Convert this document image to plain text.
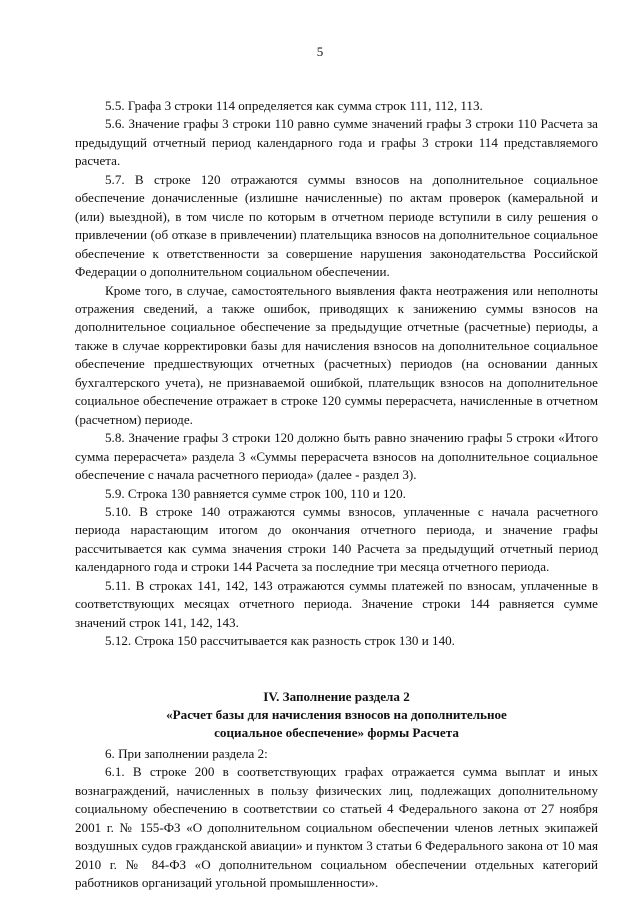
5

5.5. Графа 3 строки 114 определяется как сумма строк 111, 112, 113.

5.6. Значение графы 3 строки 110 равно сумме значений графы 3 строки 110 Расчета за предыдущий отчетный период календарного года и графы 3 строки 114 представляемого расчета.

5.7. В строке 120 отражаются суммы взносов на дополнительное социальное обеспечение доначисленные (излишне начисленные) по актам проверок (камеральной и (или) выездной), в том числе по которым в отчетном периоде вступили в силу решения о привлечении (об отказе в привлечении) плательщика взносов на дополнительное социальное обеспечение к ответственности за совершение нарушения законодательства Российской Федерации о дополнительном социальном обеспечении.

Кроме того, в случае, самостоятельного выявления факта неотражения или неполноты отражения сведений, а также ошибок, приводящих к занижению суммы взносов на дополнительное социальное обеспечение за предыдущие отчетные (расчетные) периоды, а также в случае корректировки базы для начисления взносов на дополнительное социальное обеспечение предшествующих отчетных (расчетных) периодов (на основании данных бухгалтерского учета), не признаваемой ошибкой, плательщик взносов на дополнительное социальное обеспечение отражает в строке 120 суммы перерасчета, начисленные в отчетном (расчетном) периоде.

5.8. Значение графы 3 строки 120 должно быть равно значению графы 5 строки «Итого сумма перерасчета» раздела 3 «Суммы перерасчета взносов на дополнительное социальное обеспечение с начала расчетного периода» (далее - раздел 3).

5.9. Строка 130 равняется сумме строк 100, 110 и 120.

5.10. В строке 140 отражаются суммы взносов, уплаченные с начала расчетного периода нарастающим итогом до окончания отчетного периода, и значение графы рассчитывается как сумма значения строки 140 Расчета за предыдущий отчетный период календарного года и строки 144 Расчета за последние три месяца отчетного периода.

5.11. В строках 141, 142, 143 отражаются суммы платежей по взносам, уплаченные в соответствующих месяцах отчетного периода. Значение строки 144 равняется сумме значений строк 141, 142, 143.

5.12. Строка 150 рассчитывается как разность строк 130 и 140.

IV. Заполнение раздела 2
«Расчет базы для начисления взносов на дополнительное
социальное обеспечение» формы Расчета

6. При заполнении раздела 2:

6.1. В строке 200 в соответствующих графах отражается сумма выплат и иных вознаграждений, начисленных в пользу физических лиц, подлежащих дополнительному социальному обеспечению в соответствии со статьей 4 Федерального закона от 27 ноября 2001 г. № 155-ФЗ «О дополнительном социальном обеспечении членов летных экипажей воздушных судов гражданской авиации» и пунктом 3 статьи 6 Федерального закона от 10 мая 2010 г. № 84-ФЗ «О дополнительном социальном обеспечении отдельных категорий работников организаций угольной промышленности».
